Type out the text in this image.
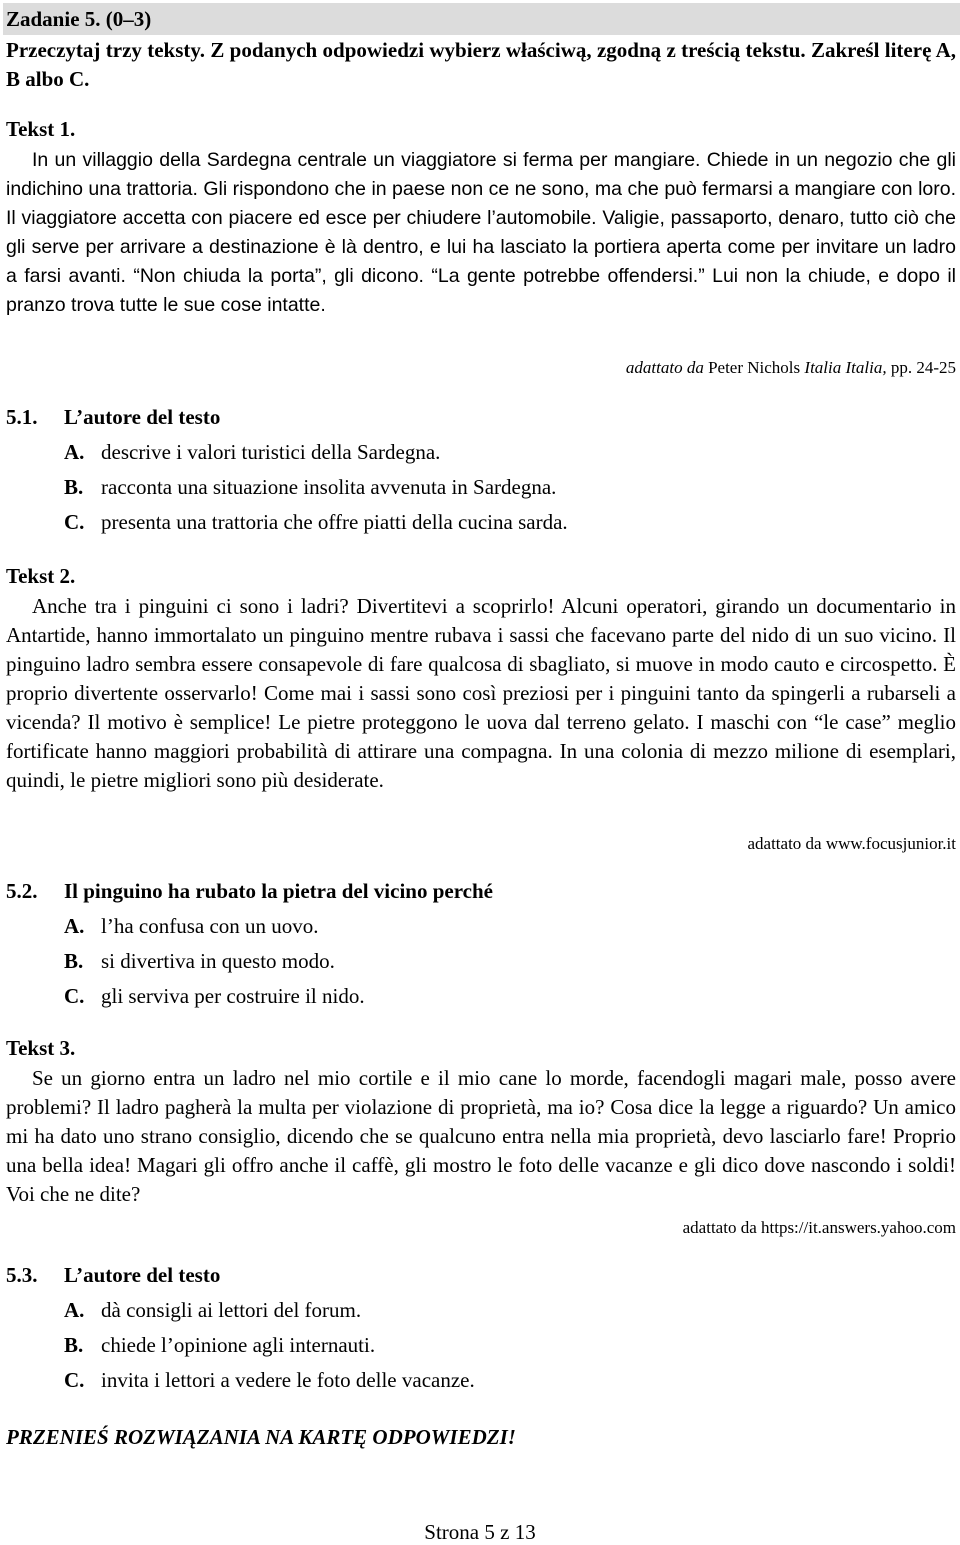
Zadanie 5. (0–3)
Przeczytaj trzy teksty. Z podanych odpowiedzi wybierz właściwą, zgodną z treścią tekstu. Zakreśl literę A, B albo C.
Tekst 1.

In un villaggio della Sardegna centrale un viaggiatore si ferma per mangiare. Chiede in un negozio che gli indichino una trattoria. Gli rispondono che in paese non ce ne sono, ma che può fermarsi a mangiare con loro. Il viaggiatore accetta con piacere ed esce per chiudere l’automobile. Valigie, passaporto, denaro, tutto ciò che gli serve per arrivare a destinazione è là dentro, e lui ha lasciato la portiera aperta come per invitare un ladro a farsi avanti. “Non chiuda la porta”, gli dicono. “La gente potrebbe offendersi.” Lui non la chiude, e dopo il pranzo trova tutte le sue cose intatte.

adattato da Peter Nichols Italia Italia, pp. 24-25
5.1. L’autore del testo
A. descrive i valori turistici della Sardegna.
B. racconta una situazione insolita avvenuta in Sardegna.
C. presenta una trattoria che offre piatti della cucina sarda.
Tekst 2.

Anche tra i pinguini ci sono i ladri? Divertitevi a scoprirlo! Alcuni operatori, girando un documentario in Antartide, hanno immortalato un pinguino mentre rubava i sassi che facevano parte del nido di un suo vicino. Il pinguino ladro sembra essere consapevole di fare qualcosa di sbagliato, si muove in modo cauto e circospetto. È proprio divertente osservarlo! Come mai i sassi sono così preziosi per i pinguini tanto da spingerli a rubarseli a vicenda? Il motivo è semplice! Le pietre proteggono le uova dal terreno gelato. I maschi con “le case” meglio fortificate hanno maggiori probabilità di attirare una compagna. In una colonia di mezzo milione di esemplari, quindi, le pietre migliori sono più desiderate.

adattato da www.focusjunior.it
5.2. Il pinguino ha rubato la pietra del vicino perché
A. l’ha confusa con un uovo.
B. si divertiva in questo modo.
C. gli serviva per costruire il nido.
Tekst 3.

Se un giorno entra un ladro nel mio cortile e il mio cane lo morde, facendogli magari male, posso avere problemi? Il ladro pagherà la multa per violazione di proprietà, ma io? Cosa dice la legge a riguardo? Un amico mi ha dato uno strano consiglio, dicendo che se qualcuno entra nella mia proprietà, devo lasciarlo fare! Proprio una bella idea! Magari gli offro anche il caffè, gli mostro le foto delle vacanze e gli dico dove nascondo i soldi! Voi che ne dite?

adattato da https://it.answers.yahoo.com
5.3. L’autore del testo
A. dà consigli ai lettori del forum.
B. chiede l’opinione agli internauti.
C. invita i lettori a vedere le foto delle vacanze.
PRZENIEŚ ROZWIĄZANIA NA KARTĘ ODPOWIEDZI!
Strona 5 z 13
